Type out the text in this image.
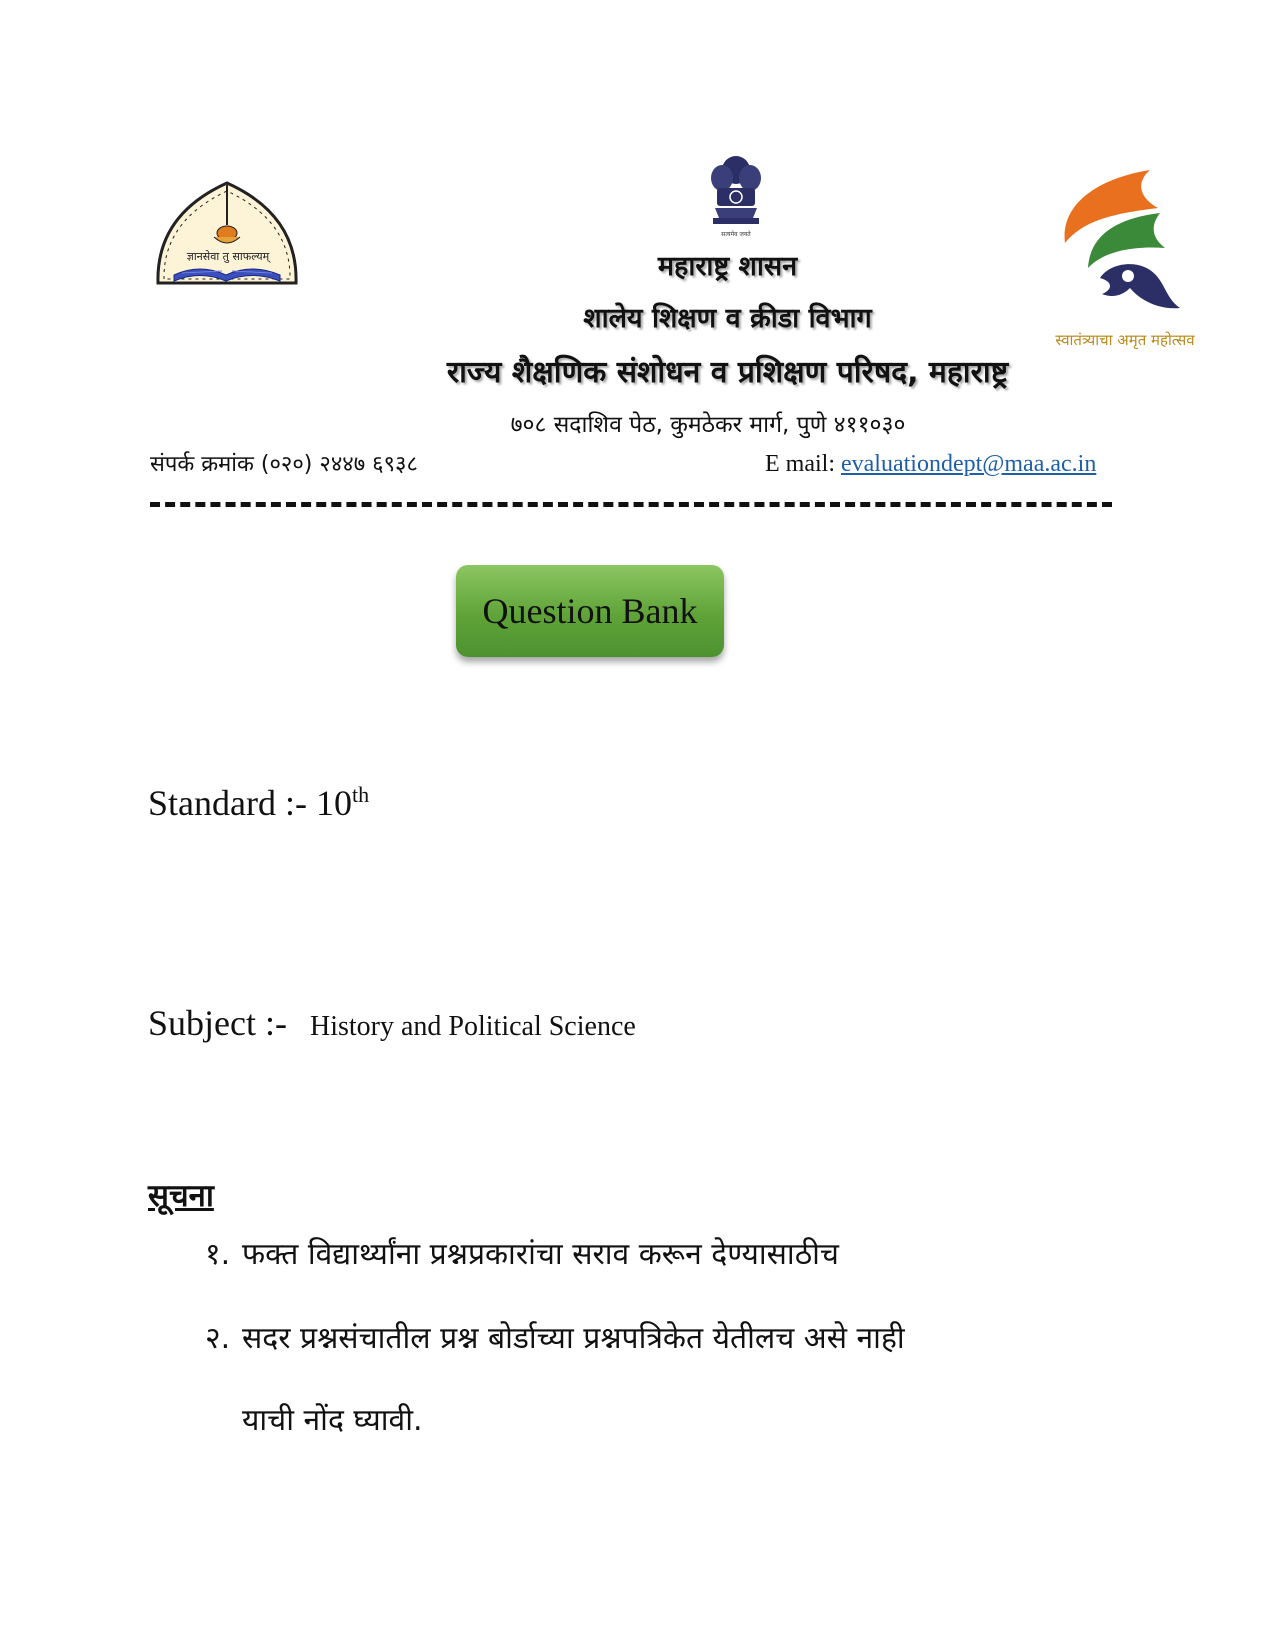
ज्ञानसेवा तु साफल्यम्
सत्यमेव जयते
स्वातंत्र्याचा अमृत महोत्सव
महाराष्ट्र शासन
शालेय शिक्षण व क्रीडा विभाग
राज्य शैक्षणिक संशोधन व प्रशिक्षण परिषद, महाराष्ट्र
७०८ सदाशिव पेठ, कुमठेकर मार्ग, पुणे ४११०३०
संपर्क क्रमांक (०२०) २४४७ ६९३८	E mail: evaluationdept@maa.ac.in
Question Bank
Standard :- 10th
Subject :- History and Political Science
सूचना
१. फक्त विद्यार्थ्यांना प्रश्नप्रकारांचा सराव करून देण्यासाठीच
२. सदर प्रश्नसंचातील प्रश्न बोर्डाच्या प्रश्नपत्रिकेत येतीलच असे नाही
याची नोंद घ्यावी.
